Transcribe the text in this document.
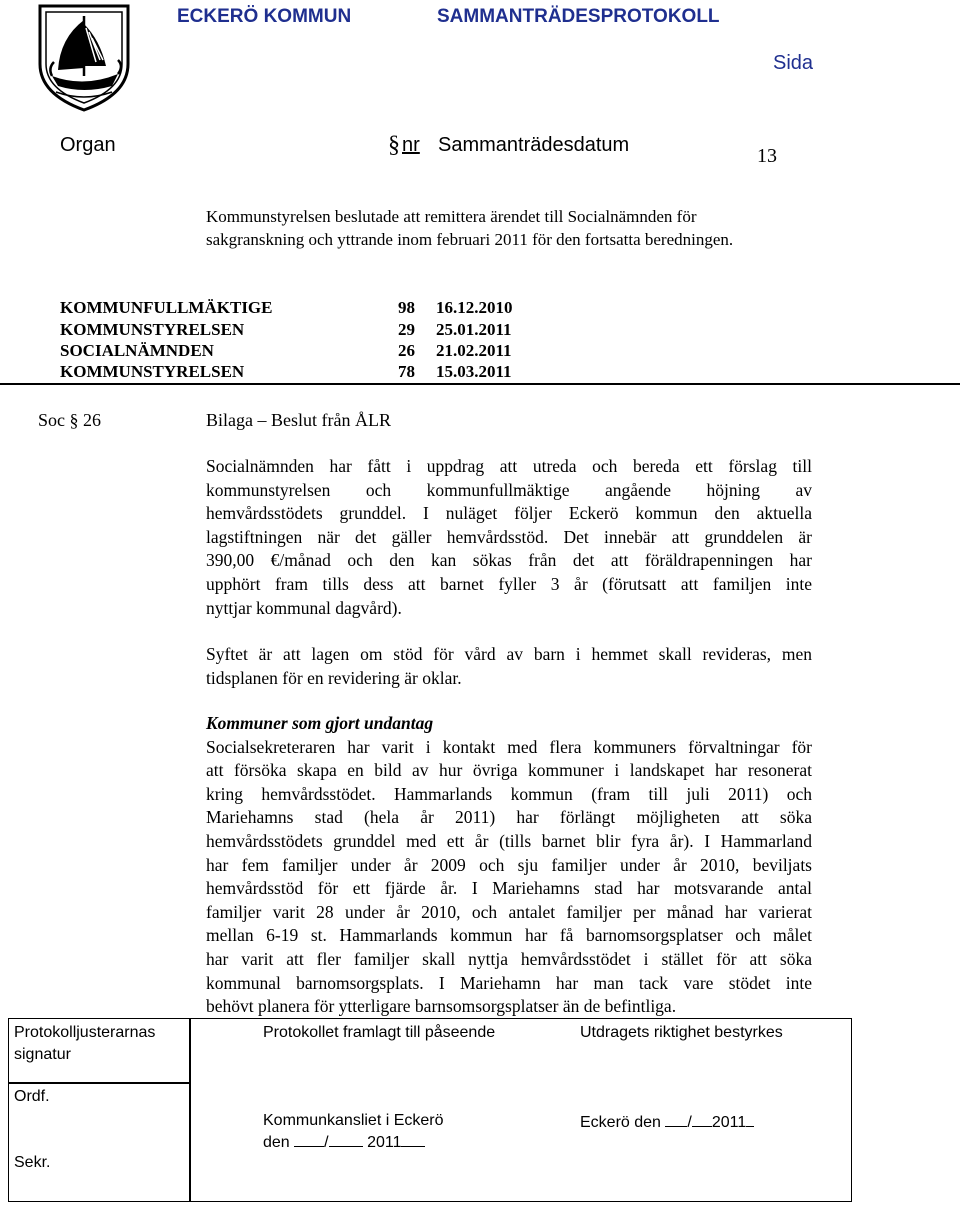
ECKERÖ KOMMUN	SAMMANTRÄDESPROTOKOLL
Sida
Organ	§ nr Sammanträdesdatum	13
Kommunstyrelsen beslutade att remittera ärendet till Socialnämnden för
sakgranskning och yttrande inom februari 2011 för den fortsatta beredningen.
KOMMUNFULLMÄKTIGE	98 16.12.2010
KOMMUNSTYRELSEN	29 25.01.2011
SOCIALNÄMNDEN	26 21.02.2011
KOMMUNSTYRELSEN	78 15.03.2011
Soc § 26	Bilaga – Beslut från ÅLR
Socialnämnden har fått i uppdrag att utreda och bereda ett förslag till
kommunstyrelsen och kommunfullmäktige angående höjning av
hemvårdsstödets grunddel. I nuläget följer Eckerö kommun den aktuella
lagstiftningen när det gäller hemvårdsstöd. Det innebär att grunddelen är
390,00 €/månad och den kan sökas från det att föräldrapenningen har
upphört fram tills dess att barnet fyller 3 år (förutsatt att familjen inte
nyttjar kommunal dagvård).
Syftet är att lagen om stöd för vård av barn i hemmet skall revideras, men
tidsplanen för en revidering är oklar.
Kommuner som gjort undantag
Socialsekreteraren har varit i kontakt med flera kommuners förvaltningar för
att försöka skapa en bild av hur övriga kommuner i landskapet har resonerat
kring hemvårdsstödet. Hammarlands kommun (fram till juli 2011) och
Mariehamns stad (hela år 2011) har förlängt möjligheten att söka
hemvårdsstödets grunddel med ett år (tills barnet blir fyra år). I Hammarland
har fem familjer under år 2009 och sju familjer under år 2010, beviljats
hemvårdsstöd för ett fjärde år. I Mariehamns stad har motsvarande antal
familjer varit 28 under år 2010, och antalet familjer per månad har varierat
mellan 6-19 st. Hammarlands kommun har få barnomsorgsplatser och målet
har varit att fler familjer skall nyttja hemvårdsstödet i stället för att söka
kommunal barnomsorgsplats. I Mariehamn har man tack vare stödet inte
behövt planera för ytterligare barnsomsorgsplatser än de befintliga.
Protokolljusterarnas
signatur
Ordf.
Sekr.
Protokollet framlagt till påseende
Kommunkansliet i Eckerö
den / 2011
Utdragets riktighet bestyrkes
Eckerö den / 2011
